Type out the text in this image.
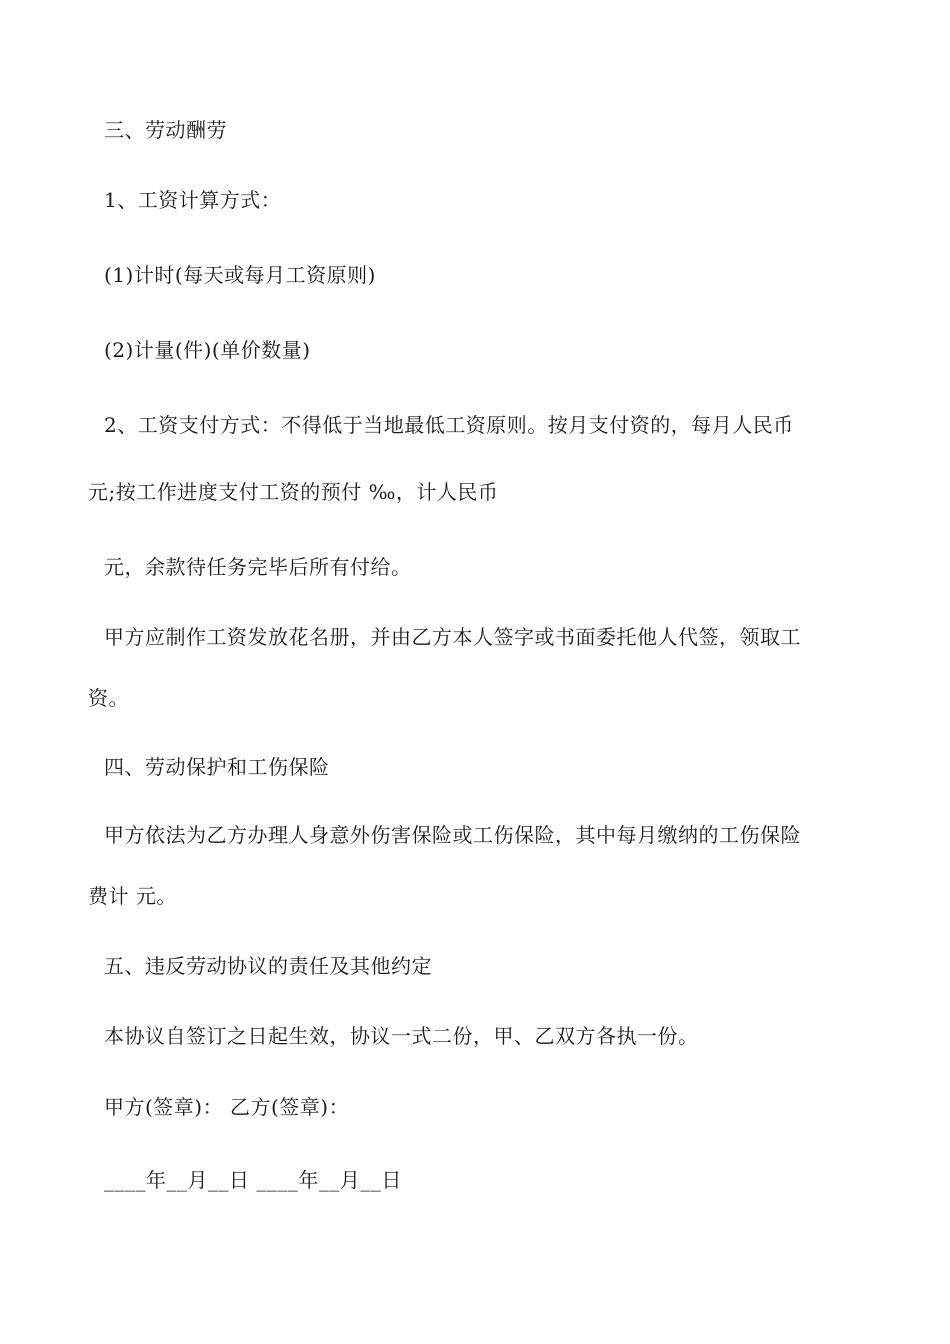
三、劳动酬劳
1、工资计算方式：
(1)计时(每天或每月工资原则)
(2)计量(件)(单价数量)
2、工资支付方式：不得低于当地最低工资原则。按月支付资的，每月人民币
元;按工作进度支付工资的预付 ‰，计人民币
元，余款待任务完毕后所有付给。
甲方应制作工资发放花名册，并由乙方本人签字或书面委托他人代签，领取工
资。
四、劳动保护和工伤保险
甲方依法为乙方办理人身意外伤害保险或工伤保险，其中每月缴纳的工伤保险
费计 元。
五、违反劳动协议的责任及其他约定
本协议自签订之日起生效，协议一式二份，甲、乙双方各执一份。
甲方(签章)： 乙方(签章)：
____年__月__日 ____年__月__日
